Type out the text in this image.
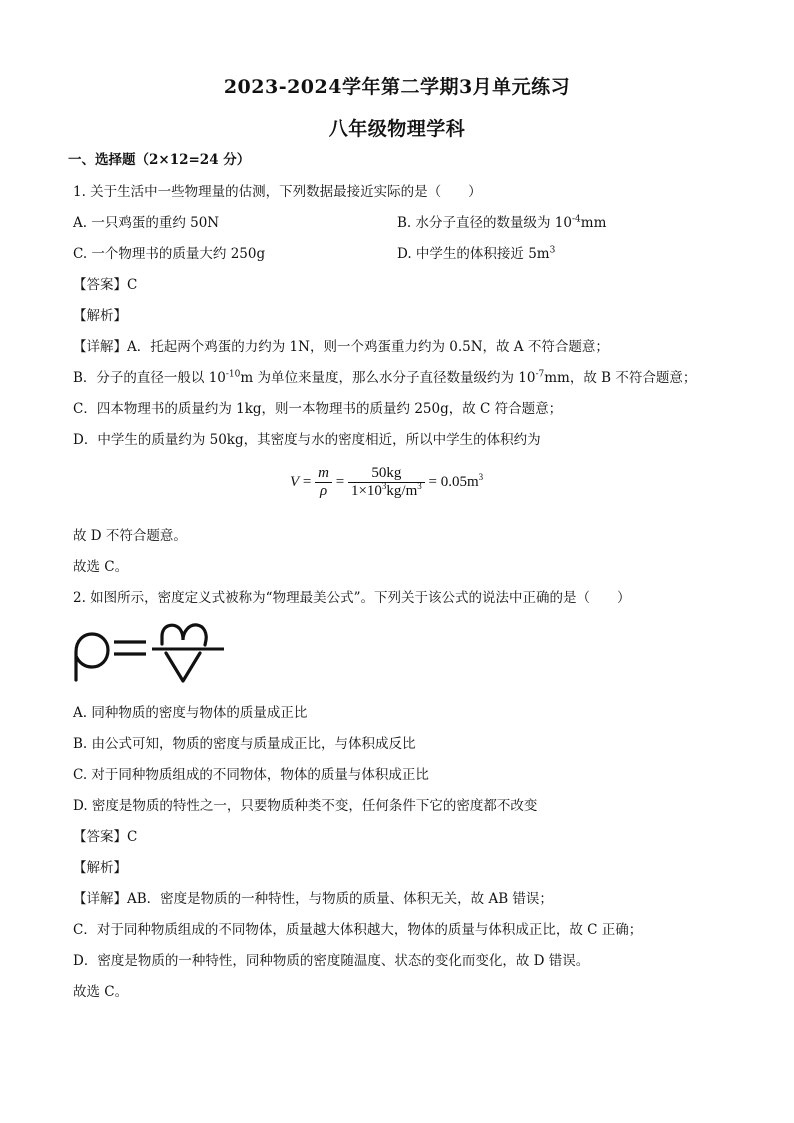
2023-2024学年第二学期3月单元练习
八年级物理学科
一、选择题（2×12=24 分）
1. 关于生活中一些物理量的估测，下列数据最接近实际的是（　　）
A. 一只鸡蛋的重约 50N	B. 水分子直径的数量级为 $10^{-4}mm$
C. 一个物理书的质量大约 250g	D. 中学生的体积接近 $5m^3$
【答案】C
【解析】
【详解】A．托起两个鸡蛋的力约为 1N，则一个鸡蛋重力约为 0.5N，故 A 不符合题意；
B．分子的直径一般以 $10^{-10}m$ 为单位来量度，那么水分子直径数量级约为 $10^{-7}mm$，故 B 不符合题意；
C．四本物理书的质量约为 1kg，则一本物理书的质量约 250g，故 C 符合题意；
D．中学生的质量约为 50kg，其密度与水的密度相近，所以中学生的体积约为
$V = \frac{m}{\rho} = \frac{50kg}{1\times 10^3kg/m^3} = 0.05m^3$
故 D 不符合题意。
故选 C。
2. 如图所示，密度定义式被称为“物理最美公式”。下列关于该公式的说法中正确的是（　　）
A. 同种物质的密度与物体的质量成正比
B. 由公式可知，物质的密度与质量成正比，与体积成反比
C. 对于同种物质组成的不同物体，物体的质量与体积成正比
D. 密度是物质的特性之一，只要物质种类不变，任何条件下它的密度都不改变
【答案】C
【解析】
【详解】AB．密度是物质的一种特性，与物质的质量、体积无关，故 AB 错误；
C．对于同种物质组成的不同物体，质量越大体积越大，物体的质量与体积成正比，故 C 正确；
D．密度是物质的一种特性，同种物质的密度随温度、状态的变化而变化，故 D 错误。
故选 C。
